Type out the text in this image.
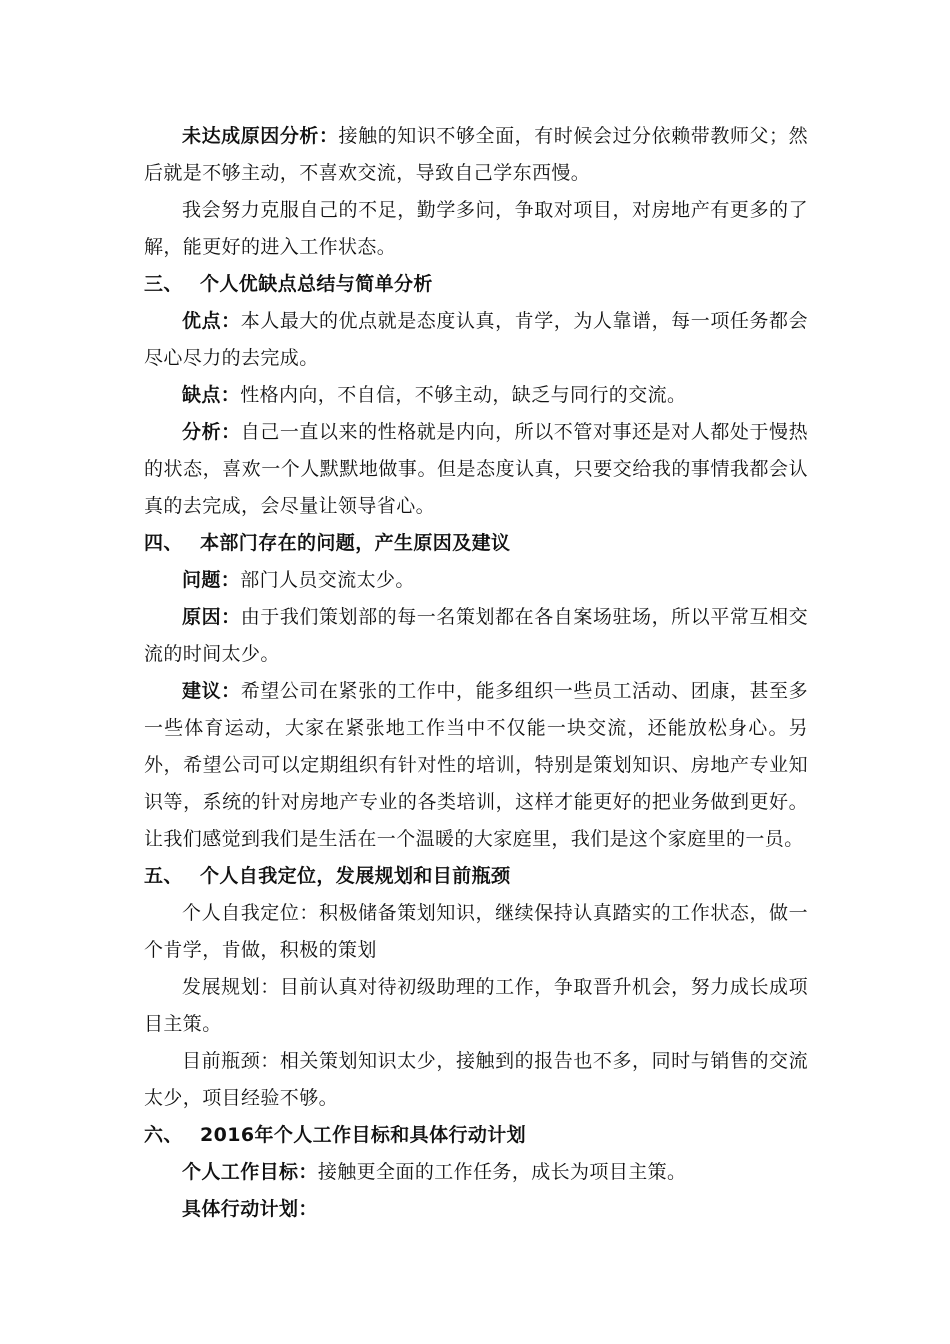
未达成原因分析：接触的知识不够全面，有时候会过分依赖带教师父；然后就是不够主动，不喜欢交流，导致自己学东西慢。

我会努力克服自己的不足，勤学多问，争取对项目，对房地产有更多的了解，能更好的进入工作状态。

三、 个人优缺点总结与简单分析

优点：本人最大的优点就是态度认真，肯学，为人靠谱，每一项任务都会尽心尽力的去完成。

缺点：性格内向，不自信，不够主动，缺乏与同行的交流。

分析：自己一直以来的性格就是内向，所以不管对事还是对人都处于慢热的状态，喜欢一个人默默地做事。但是态度认真，只要交给我的事情我都会认真的去完成，会尽量让领导省心。

四、 本部门存在的问题，产生原因及建议

问题：部门人员交流太少。

原因：由于我们策划部的每一名策划都在各自案场驻场，所以平常互相交流的时间太少。

建议：希望公司在紧张的工作中，能多组织一些员工活动、团康，甚至多一些体育运动，大家在紧张地工作当中不仅能一块交流，还能放松身心。另外，希望公司可以定期组织有针对性的培训，特别是策划知识、房地产专业知识等，系统的针对房地产专业的各类培训，这样才能更好的把业务做到更好。让我们感觉到我们是生活在一个温暖的大家庭里，我们是这个家庭里的一员。

五、 个人自我定位，发展规划和目前瓶颈

个人自我定位：积极储备策划知识，继续保持认真踏实的工作状态，做一个肯学，肯做，积极的策划

发展规划：目前认真对待初级助理的工作，争取晋升机会，努力成长成项目主策。

目前瓶颈：相关策划知识太少，接触到的报告也不多，同时与销售的交流太少，项目经验不够。

六、 2016年个人工作目标和具体行动计划

个人工作目标：接触更全面的工作任务，成长为项目主策。

具体行动计划：
